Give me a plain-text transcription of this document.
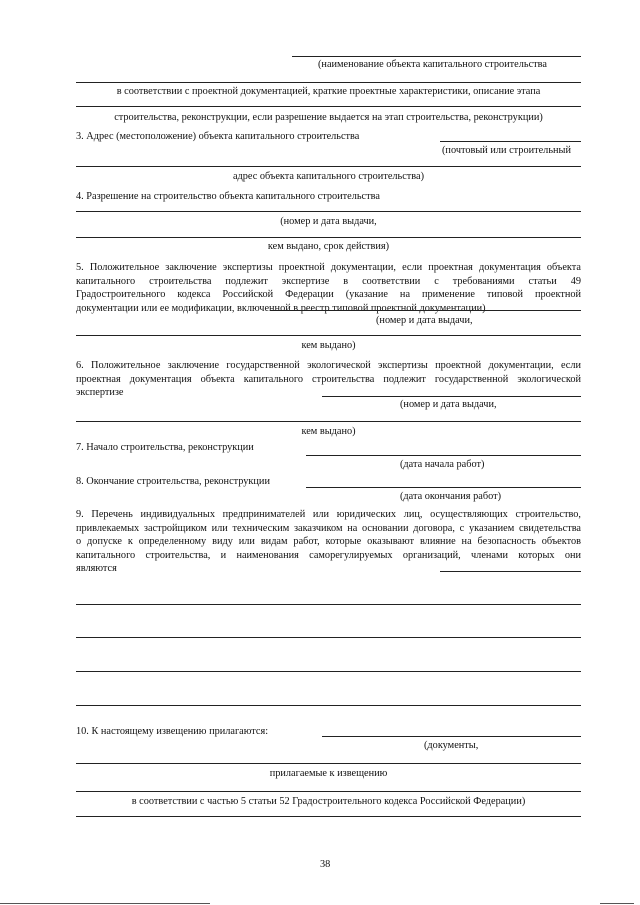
(наименование объекта капитального строительства
в соответствии с проектной документацией, краткие проектные характеристики, описание этапа
строительства, реконструкции, если разрешение выдается на этап строительства, реконструкции)
3. Адрес (местоположение) объекта капитального строительства
(почтовый или строительный
адрес объекта капитального строительства)
4. Разрешение на строительство объекта капитального строительства
(номер и дата выдачи,
кем выдано, срок действия)
5. Положительное заключение экспертизы проектной документации, если проектная документация объекта
капитального строительства подлежит экспертизе в соответствии с требованиями статьи 49
Градостроительного кодекса Российской Федерации (указание на применение типовой проектной
документации или ее модификации, включенной в реестр типовой проектной документации)
(номер и дата выдачи,
кем выдано)
6. Положительное заключение государственной экологической экспертизы проектной документации, если
проектная документация объекта капитального строительства подлежит государственной экологической
экспертизе
(номер и дата выдачи,
кем выдано)
7. Начало строительства, реконструкции
(дата начала работ)
8. Окончание строительства, реконструкции
(дата окончания работ)
9. Перечень индивидуальных предпринимателей или юридических лиц, осуществляющих строительство,
привлекаемых застройщиком или техническим заказчиком на основании договора, с указанием свидетельства
о допуске к определенному виду или видам работ, которые оказывают влияние на безопасность объектов
капитального строительства, и наименования саморегулируемых организаций, членами которых они
являются
10. К настоящему извещению прилагаются:
(документы,
прилагаемые к извещению
в соответствии с частью 5 статьи 52 Градостроительного кодекса Российской Федерации)
38
